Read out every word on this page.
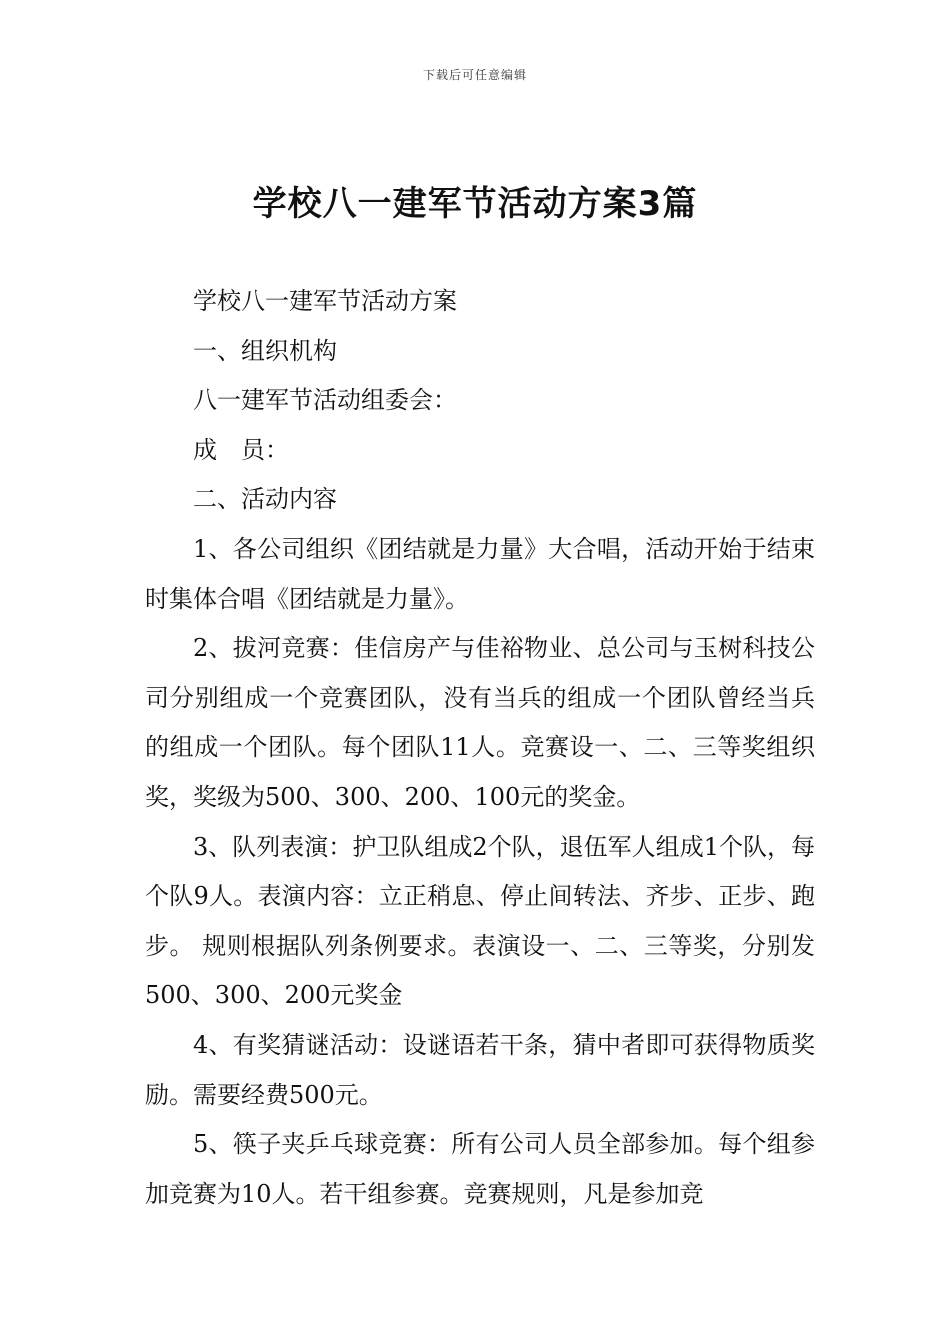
下载后可任意编辑
学校八一建军节活动方案3篇

学校八一建军节活动方案

一、组织机构

八一建军节活动组委会：

成　员：

二、活动内容

1、各公司组织《团结就是力量》大合唱，活动开始于结束时集体合唱《团结就是力量》。

2、拔河竞赛：佳信房产与佳裕物业、总公司与玉树科技公司分别组成一个竞赛团队，没有当兵的组成一个团队曾经当兵的组成一个团队。每个团队11人。竞赛设一、二、三等奖组织奖，奖级为500、300、200、100元的奖金。

3、队列表演：护卫队组成2个队，退伍军人组成1个队，每个队9人。表演内容：立正稍息、停止间转法、齐步、正步、跑步。 规则根据队列条例要求。表演设一、二、三等奖，分别发500、300、200元奖金

4、有奖猜谜活动：设谜语若干条，猜中者即可获得物质奖励。需要经费500元。

5、筷子夹乒乓球竞赛：所有公司人员全部参加。每个组参加竞赛为10人。若干组参赛。竞赛规则，凡是参加竞
